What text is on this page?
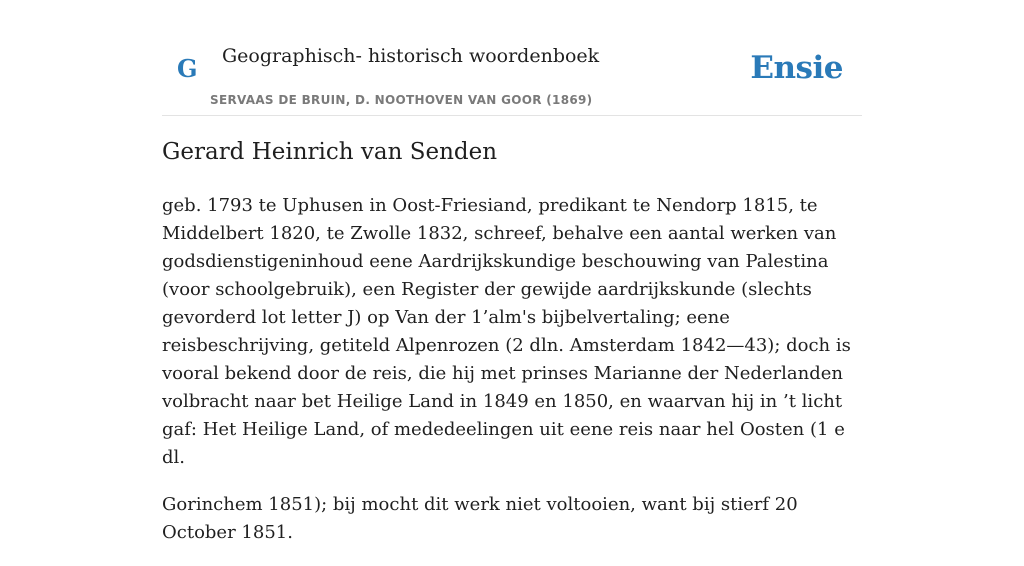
G Geographisch- historisch woordenboek
SERVAAS DE BRUIN, D. NOOTHOVEN VAN GOOR (1869)
Ensie
Gerard Heinrich van Senden

geb. 1793 te Uphusen in Oost-Friesiand, predikant te Nendorp 1815, te Middelbert 1820, te Zwolle 1832, schreef, behalve een aantal werken van godsdienstigeninhoud eene Aardrijkskundige beschouwing van Palestina (voor schoolgebruik), een Register der gewijde aardrijkskunde (slechts gevorderd lot letter J) op Van der 1’alm's bijbelvertaling; eene reisbeschrijving, getiteld Alpenrozen (2 dln. Amsterdam 1842—43); doch is vooral bekend door de reis, die hij met prinses Marianne der Nederlanden volbracht naar bet Heilige Land in 1849 en 1850, en waarvan hij in ’t licht gaf: Het Heilige Land, of mededeelingen uit eene reis naar hel Oosten (1 e dl.

Gorinchem 1851); bij mocht dit werk niet voltooien, want bij stierf 20 October 1851.
